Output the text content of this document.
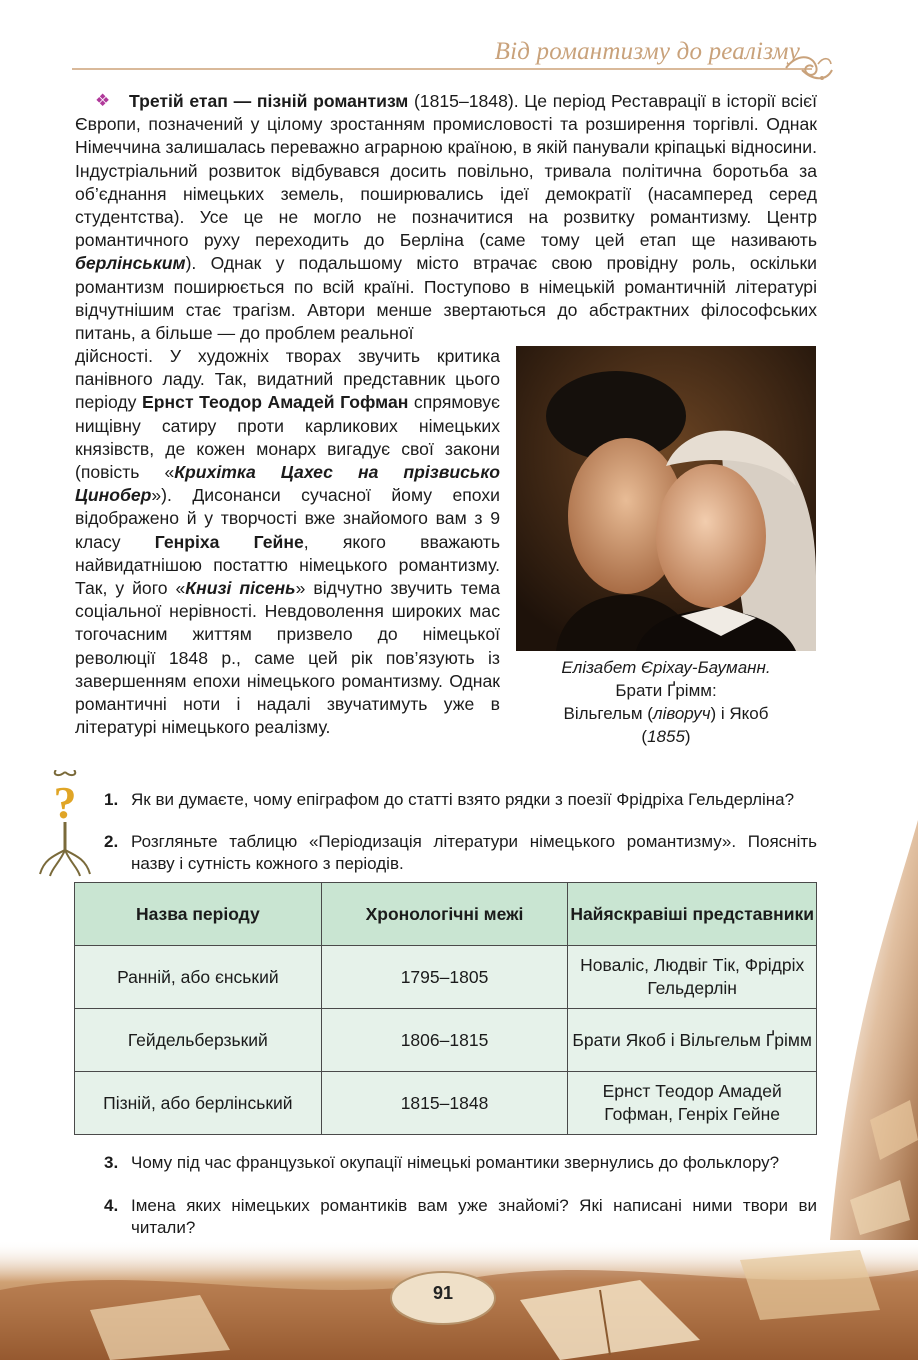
Від романтизму до реалізму
❖	Третій етап — пізній романтизм (1815–1848). Це період Реставрації в історії всієї Європи, позначений у цілому зростанням промисловості та розширення торгівлі. Однак Німеччина залишалась переважно аграрною країною, в якій панували кріпацькі відносини. Індустріальний розвиток відбувався досить повільно, тривала політична боротьба за об’єднання німецьких земель, поширювались ідеї демократії (насамперед серед студентства). Усе це не могло не позначитися на розвитку романтизму. Центр романтичного руху переходить до Берліна (саме тому цей етап ще називають берлінським). Однак у подальшому місто втрачає свою провідну роль, оскільки романтизм поширюється по всій країні. Поступово в німецькій романтичній літературі відчутнішим стає трагізм. Автори менше звертаються до абстрактних філософських питань, а більше — до проблем реальної

дійсності. У художніх творах звучить критика панівного ладу. Так, видатний представник цього періоду Ернст Теодор Амадей Гофман спрямовує нищівну сатиру проти карликових німецьких князівств, де кожен монарх вигадує свої закони (повість «Крихітка Цахес на прізвисько Цинобер»). Дисонанси сучасної йому епохи відображено й у творчості вже знайомого вам з 9 класу Генріха Гейне, якого вважають найвидатнішою постаттю німецького романтизму. Так, у його «Книзі пісень» відчутно звучить тема соціальної нерівності. Невдоволення широких мас тогочасним життям призвело до німецької революції 1848 р., саме цей рік пов’язують із завершенням епохи німецького романтизму. Однак романтичні ноти і надалі звучатимуть уже в літературі німецького реалізму.

Елізабет Єріхау-Бауманн.
Брати Ґрімм:
Вільгельм (ліворуч) і Якоб
(1855)
? 1. Як ви думаєте, чому епіграфом до статті взято рядки з поезії Фрідріха Гельдерліна?
2. Розгляньте таблицю «Періодизація літератури німецького романтизму». Поясніть назву і сутність кожного з періодів.
Назва періоду	Хронологічні межі	Найяскравіші представники
Ранній, або єнський	1795–1805	Новаліс, Людвіг Тік, Фрідріх Гельдерлін
Гейдельберзький	1806–1815	Брати Якоб і Вільгельм Ґрімм
Пізній, або берлінський	1815–1848	Ернст Теодор Амадей Гофман, Генріх Гейне
3. Чому під час французької окупації німецькі романтики звернулись до фольклору?
4. Імена яких німецьких романтиків вам уже знайомі? Які написані ними твори ви читали?
91
